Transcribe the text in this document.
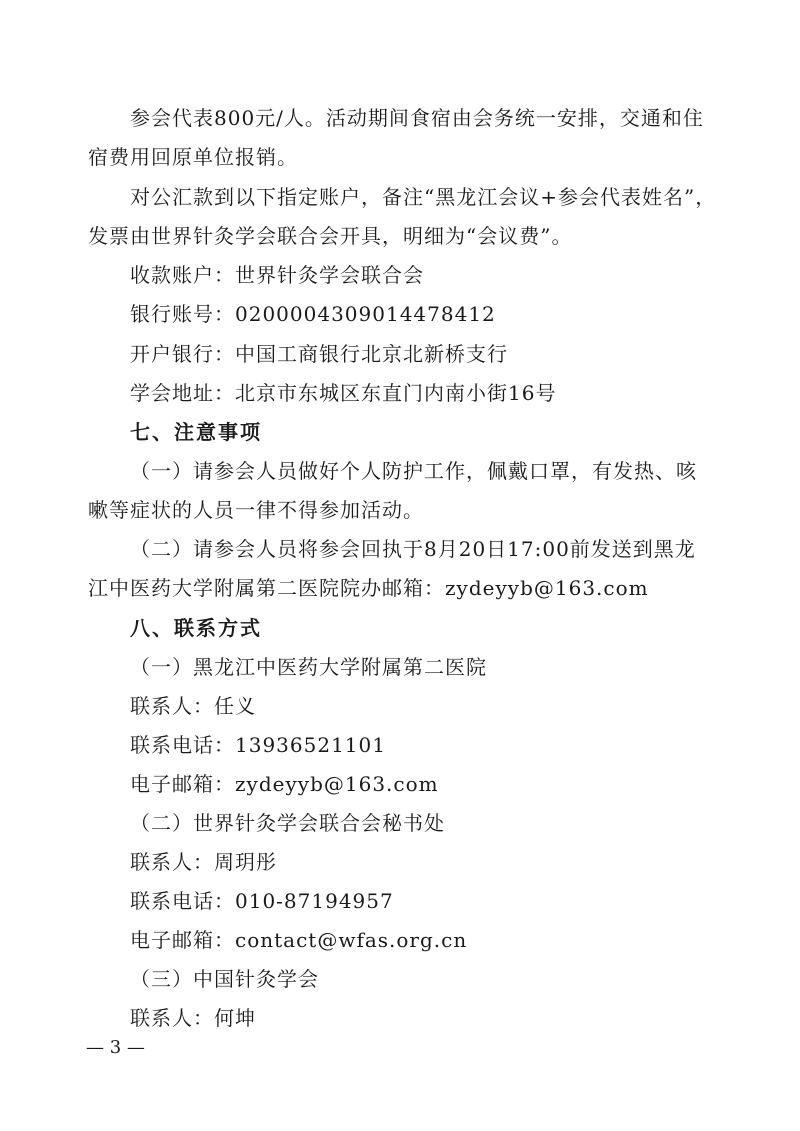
参会代表800元/人。活动期间食宿由会务统一安排，交通和住
宿费用回原单位报销。
对公汇款到以下指定账户，备注“黑龙江会议+参会代表姓名”，
发票由世界针灸学会联合会开具，明细为“会议费”。
收款账户：世界针灸学会联合会
银行账号：0200004309014478412
开户银行：中国工商银行北京北新桥支行
学会地址：北京市东城区东直门内南小街16号
七、注意事项
（一）请参会人员做好个人防护工作，佩戴口罩，有发热、咳
嗽等症状的人员一律不得参加活动。
（二）请参会人员将参会回执于8月20日17:00前发送到黑龙
江中医药大学附属第二医院院办邮箱：zydeyyb@163.com
八、联系方式
（一）黑龙江中医药大学附属第二医院
联系人：任义
联系电话：13936521101
电子邮箱：zydeyyb@163.com
（二）世界针灸学会联合会秘书处
联系人：周玥彤
联系电话：010-87194957
电子邮箱：contact@wfas.org.cn
（三）中国针灸学会
联系人：何坤
— 3 —
